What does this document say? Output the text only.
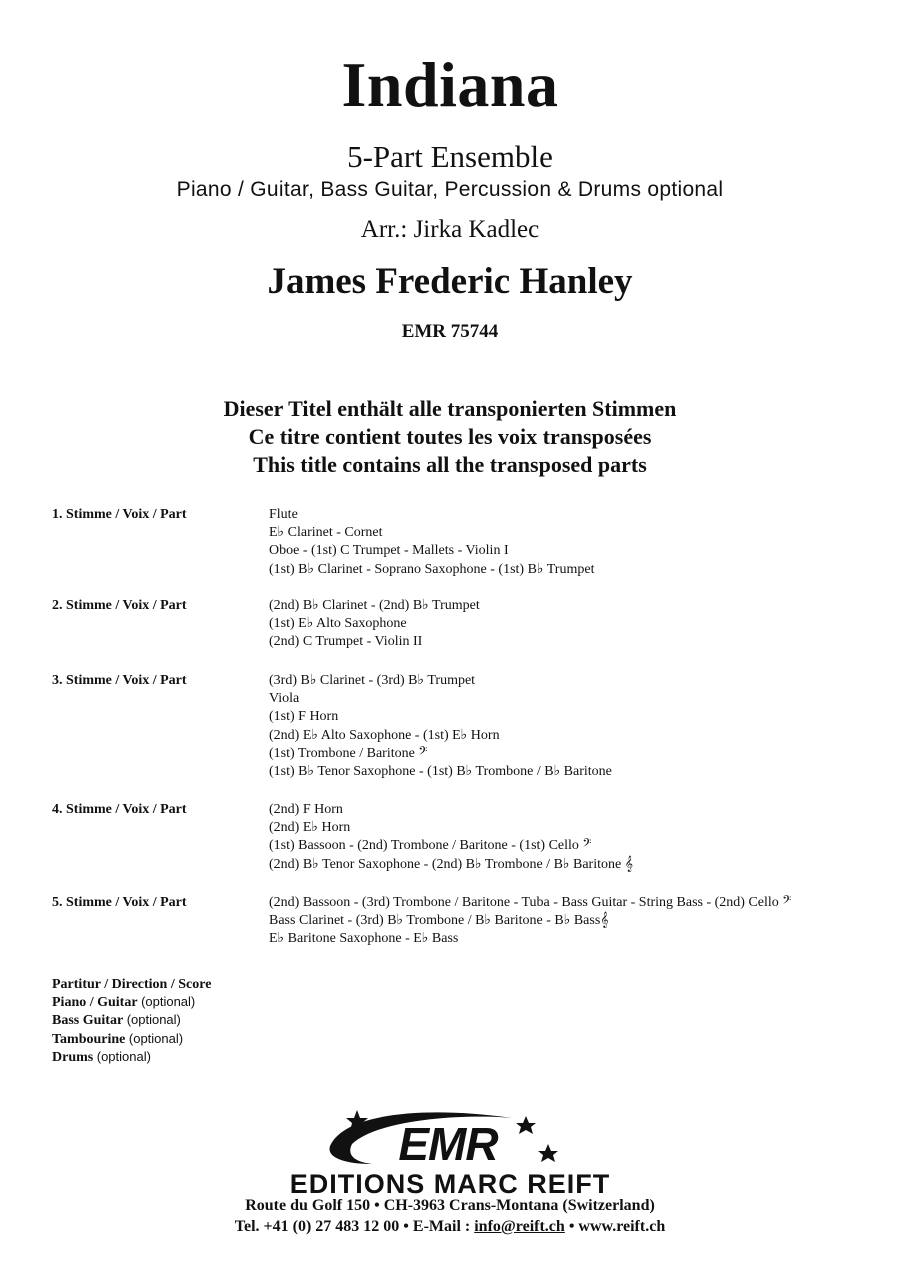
Indiana
5-Part Ensemble
Piano / Guitar, Bass Guitar, Percussion & Drums optional
Arr.: Jirka Kadlec
James Frederic Hanley
EMR 75744
Dieser Titel enthält alle transponierten Stimmen
Ce titre contient toutes les voix transposées
This title contains all the transposed parts
1. Stimme / Voix / Part	Flute
E♭ Clarinet - Cornet
Oboe - (1st) C Trumpet - Mallets - Violin I
(1st) B♭ Clarinet - Soprano Saxophone - (1st) B♭ Trumpet
2. Stimme / Voix / Part	(2nd) B♭ Clarinet - (2nd) B♭ Trumpet
(1st) E♭ Alto Saxophone
(2nd) C Trumpet - Violin II
3. Stimme / Voix / Part	(3rd) B♭ Clarinet - (3rd) B♭ Trumpet
Viola
(1st) F Horn
(2nd) E♭ Alto Saxophone - (1st) E♭ Horn
(1st) Trombone / Baritone 𝄢
(1st) B♭ Tenor Saxophone - (1st) B♭ Trombone / B♭ Baritone
4. Stimme / Voix / Part	(2nd) F Horn
(2nd) E♭ Horn
(1st) Bassoon - (2nd) Trombone / Baritone - (1st) Cello 𝄢
(2nd) B♭ Tenor Saxophone - (2nd) B♭ Trombone / B♭ Baritone 𝄞
5. Stimme / Voix / Part	(2nd) Bassoon - (3rd) Trombone / Baritone - Tuba - Bass Guitar - String Bass - (2nd) Cello 𝄢
Bass Clarinet - (3rd) B♭ Trombone / B♭ Baritone - B♭ Bass𝄞
E♭ Baritone Saxophone - E♭ Bass
Partitur / Direction / Score
Piano / Guitar (optional)
Bass Guitar (optional)
Tambourine (optional)
Drums (optional)
EMR
EDITIONS MARC REIFT
Route du Golf 150 • CH-3963 Crans-Montana (Switzerland)
Tel. +41 (0) 27 483 12 00 • E-Mail : info@reift.ch • www.reift.ch
